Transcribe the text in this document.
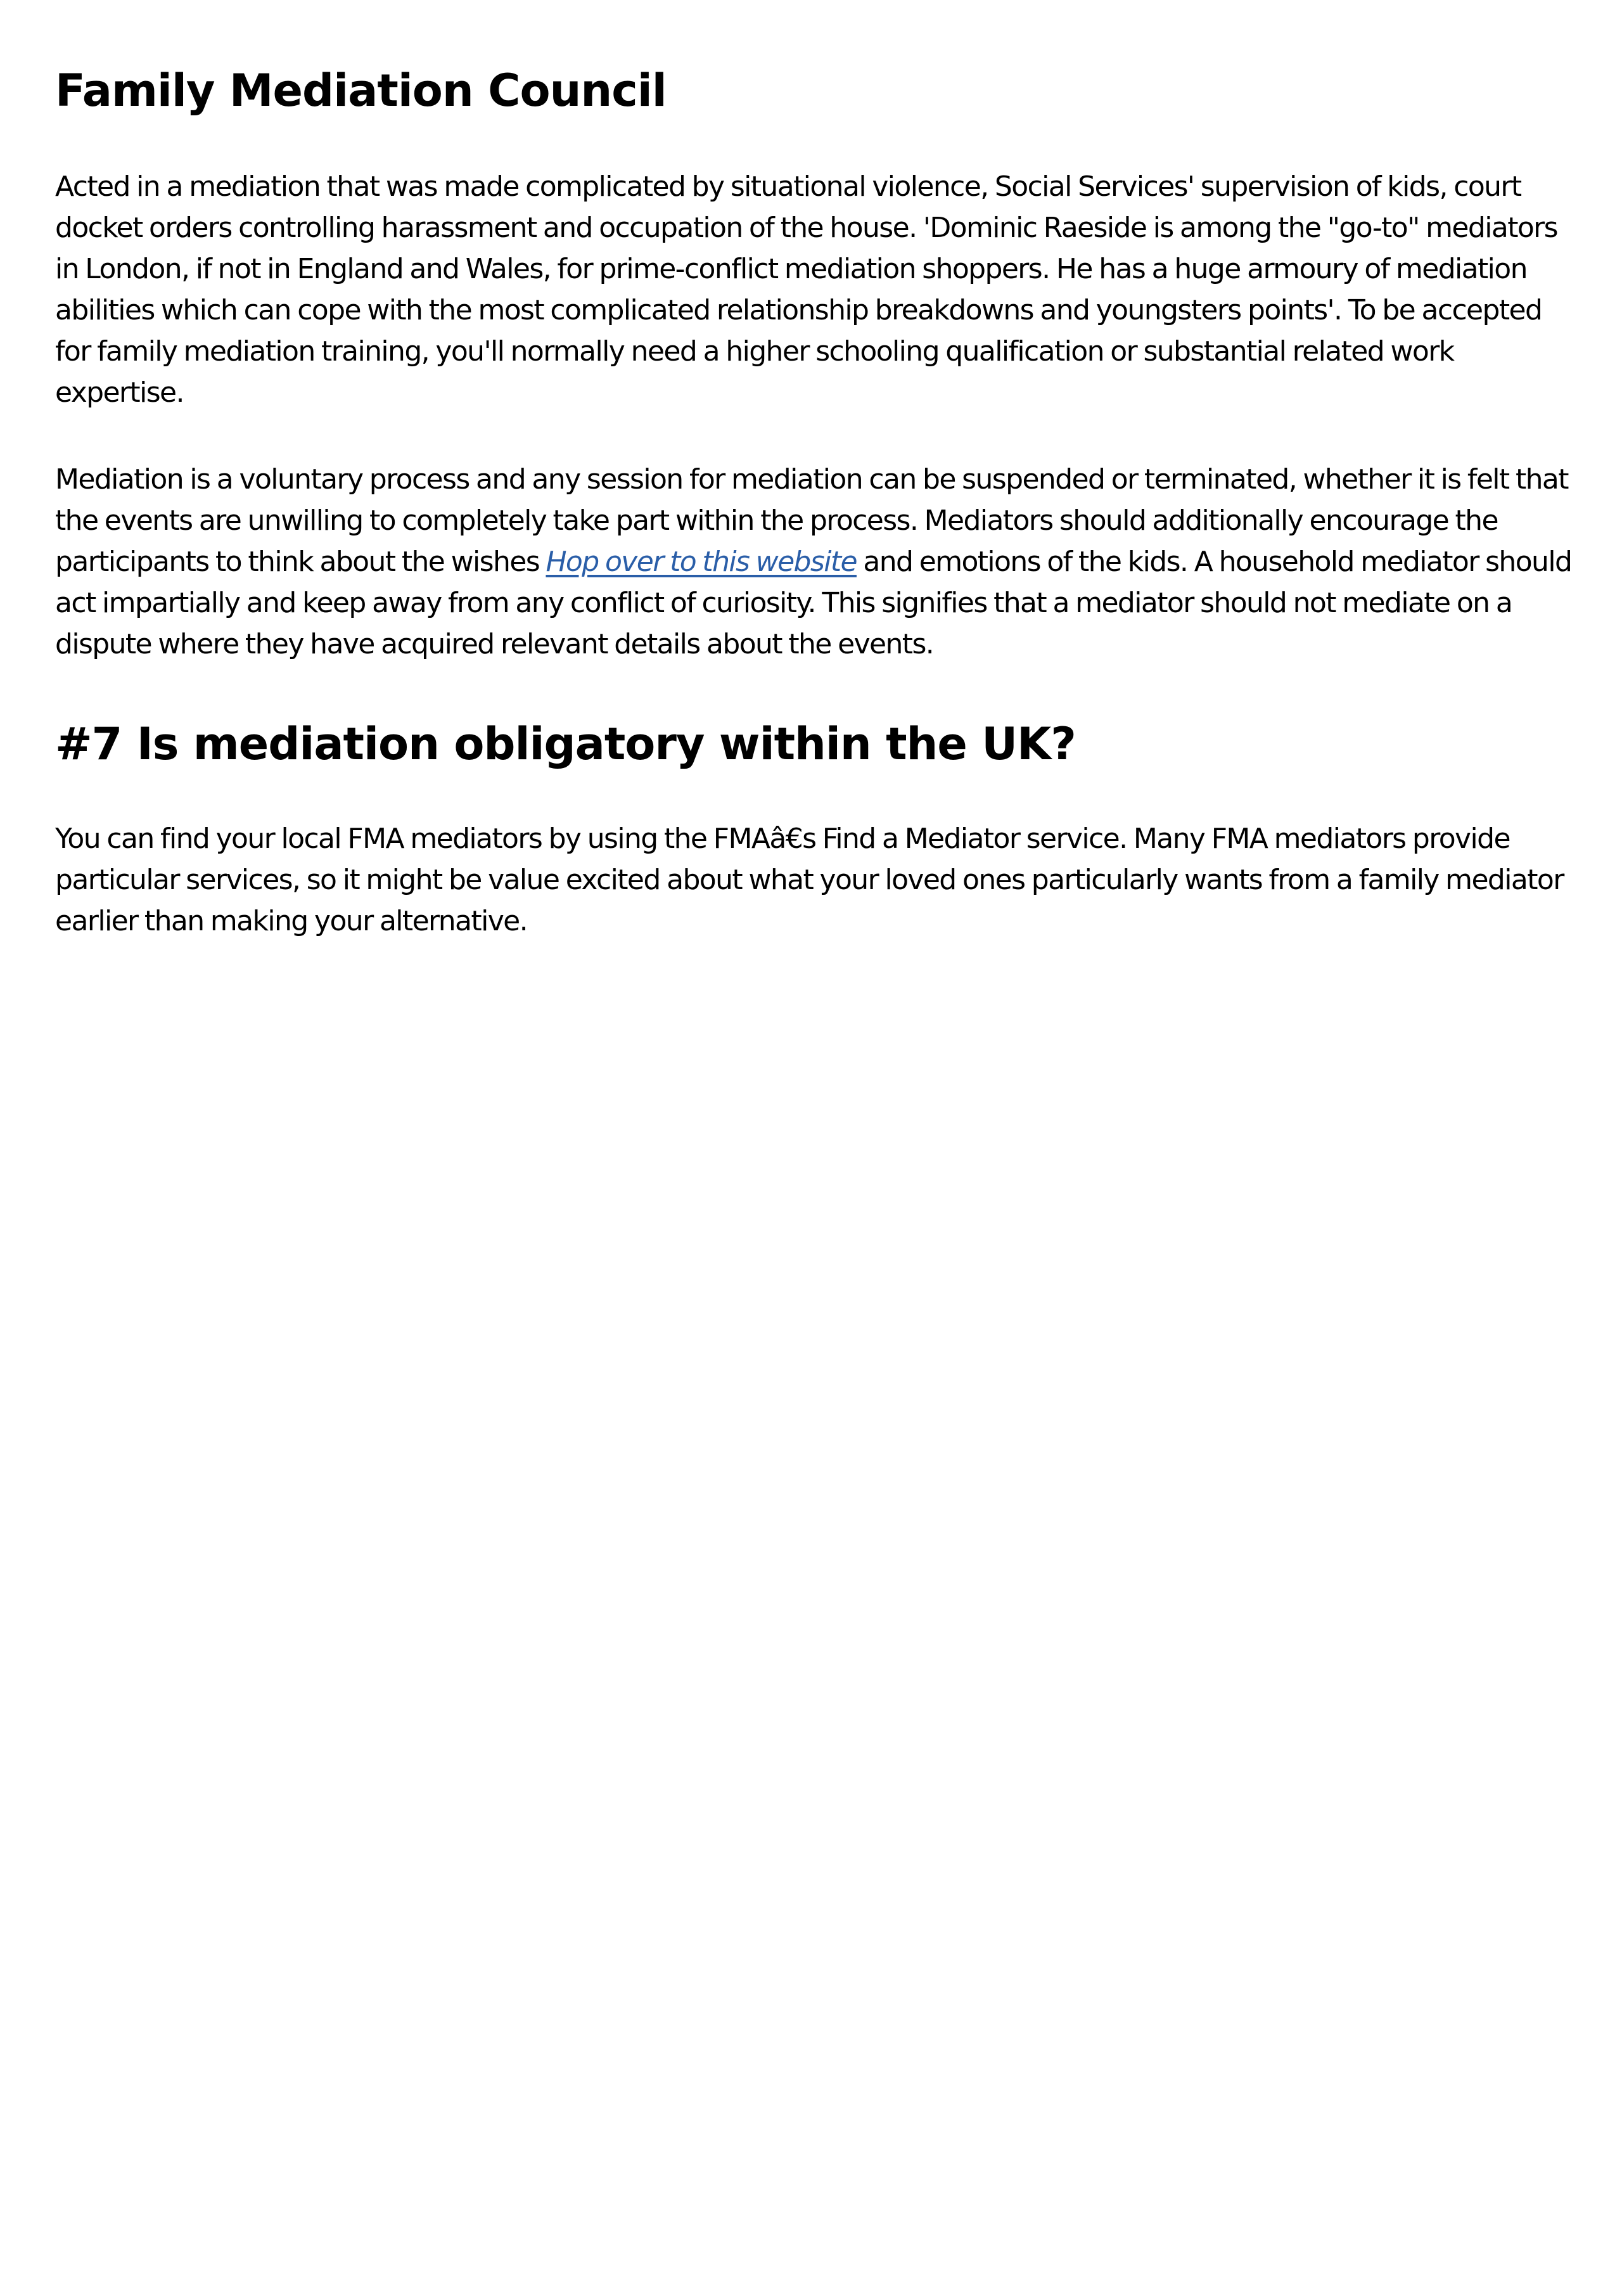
Family Mediation Council

Acted in a mediation that was made complicated by situational violence, Social Services' supervision of kids, court docket orders controlling harassment and occupation of the house. 'Dominic Raeside is among the "go-to" mediators in London, if not in England and Wales, for prime-conflict mediation shoppers. He has a huge armoury of mediation abilities which can cope with the most complicated relationship breakdowns and youngsters points'. To be accepted for family mediation training, you'll normally need a higher schooling qualification or substantial related work expertise.

Mediation is a voluntary process and any session for mediation can be suspended or terminated, whether it is felt that the events are unwilling to completely take part within the process. Mediators should additionally encourage the participants to think about the wishes Hop over to this website and emotions of the kids. A household mediator should act impartially and keep away from any conflict of curiosity. This signifies that a mediator should not mediate on a dispute where they have acquired relevant details about the events.

#7 Is mediation obligatory within the UK?

You can find your local FMA mediators by using the FMAâ€s Find a Mediator service. Many FMA mediators provide particular services, so it might be value excited about what your loved ones particularly wants from a family mediator earlier than making your alternative.
